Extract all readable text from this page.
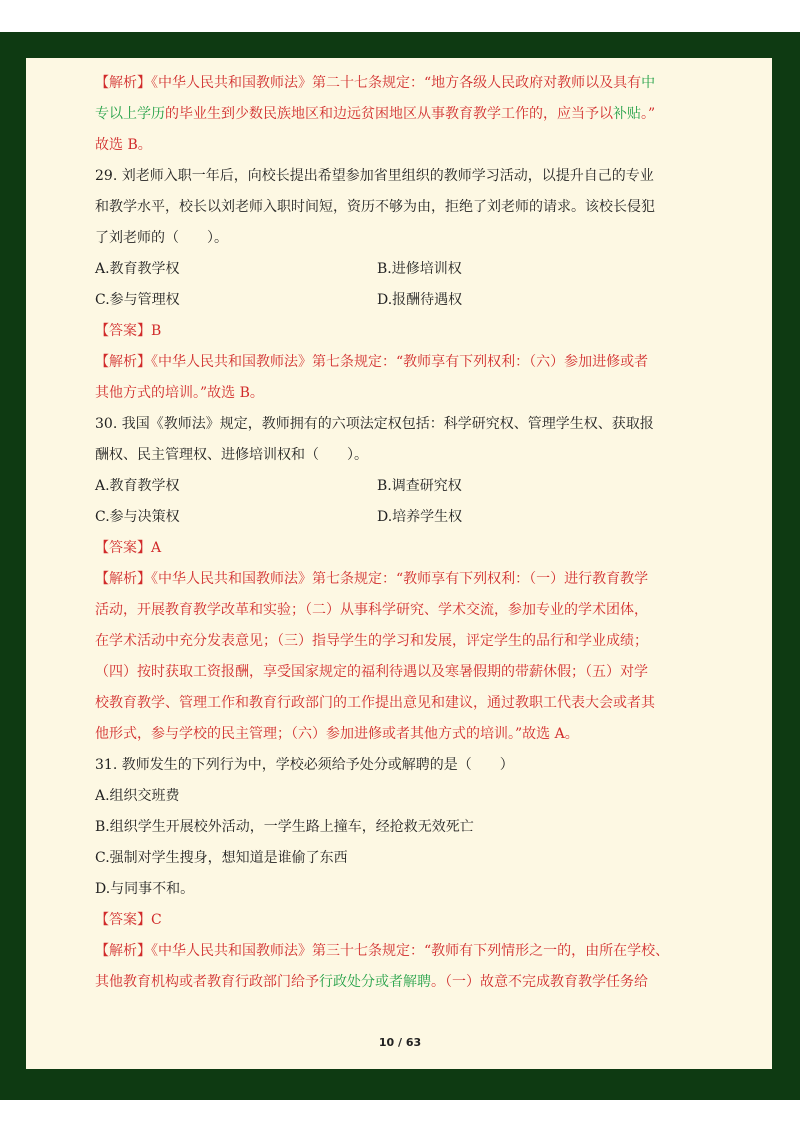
【解析】《中华人民共和国教师法》第二十七条规定：“地方各级人民政府对教师以及具有中
专以上学历的毕业生到少数民族地区和边远贫困地区从事教育教学工作的，应当予以补贴。”
故选 B。
29. 刘老师入职一年后，向校长提出希望参加省里组织的教师学习活动，以提升自己的专业
和教学水平，校长以刘老师入职时间短，资历不够为由，拒绝了刘老师的请求。该校长侵犯
了刘老师的（　　）。
A.教育教学权	B.进修培训权
C.参与管理权	D.报酬待遇权
【答案】B
【解析】《中华人民共和国教师法》第七条规定：“教师享有下列权利：（六）参加进修或者
其他方式的培训。”故选 B。
30. 我国《教师法》规定，教师拥有的六项法定权包括：科学研究权、管理学生权、获取报
酬权、民主管理权、进修培训权和（　　）。
A.教育教学权	B.调查研究权
C.参与决策权	D.培养学生权
【答案】A
【解析】《中华人民共和国教师法》第七条规定：“教师享有下列权利：（一）进行教育教学
活动，开展教育教学改革和实验；（二）从事科学研究、学术交流，参加专业的学术团体，
在学术活动中充分发表意见；（三）指导学生的学习和发展，评定学生的品行和学业成绩；
（四）按时获取工资报酬，享受国家规定的福利待遇以及寒暑假期的带薪休假；（五）对学
校教育教学、管理工作和教育行政部门的工作提出意见和建议，通过教职工代表大会或者其
他形式，参与学校的民主管理；（六）参加进修或者其他方式的培训。”故选 A。
31. 教师发生的下列行为中，学校必须给予处分或解聘的是（　　）
A.组织交班费
B.组织学生开展校外活动，一学生路上撞车，经抢救无效死亡
C.强制对学生搜身，想知道是谁偷了东西
D.与同事不和。
【答案】C
【解析】《中华人民共和国教师法》第三十七条规定：“教师有下列情形之一的，由所在学校、
其他教育机构或者教育行政部门给予行政处分或者解聘。（一）故意不完成教育教学任务给
10 / 63
